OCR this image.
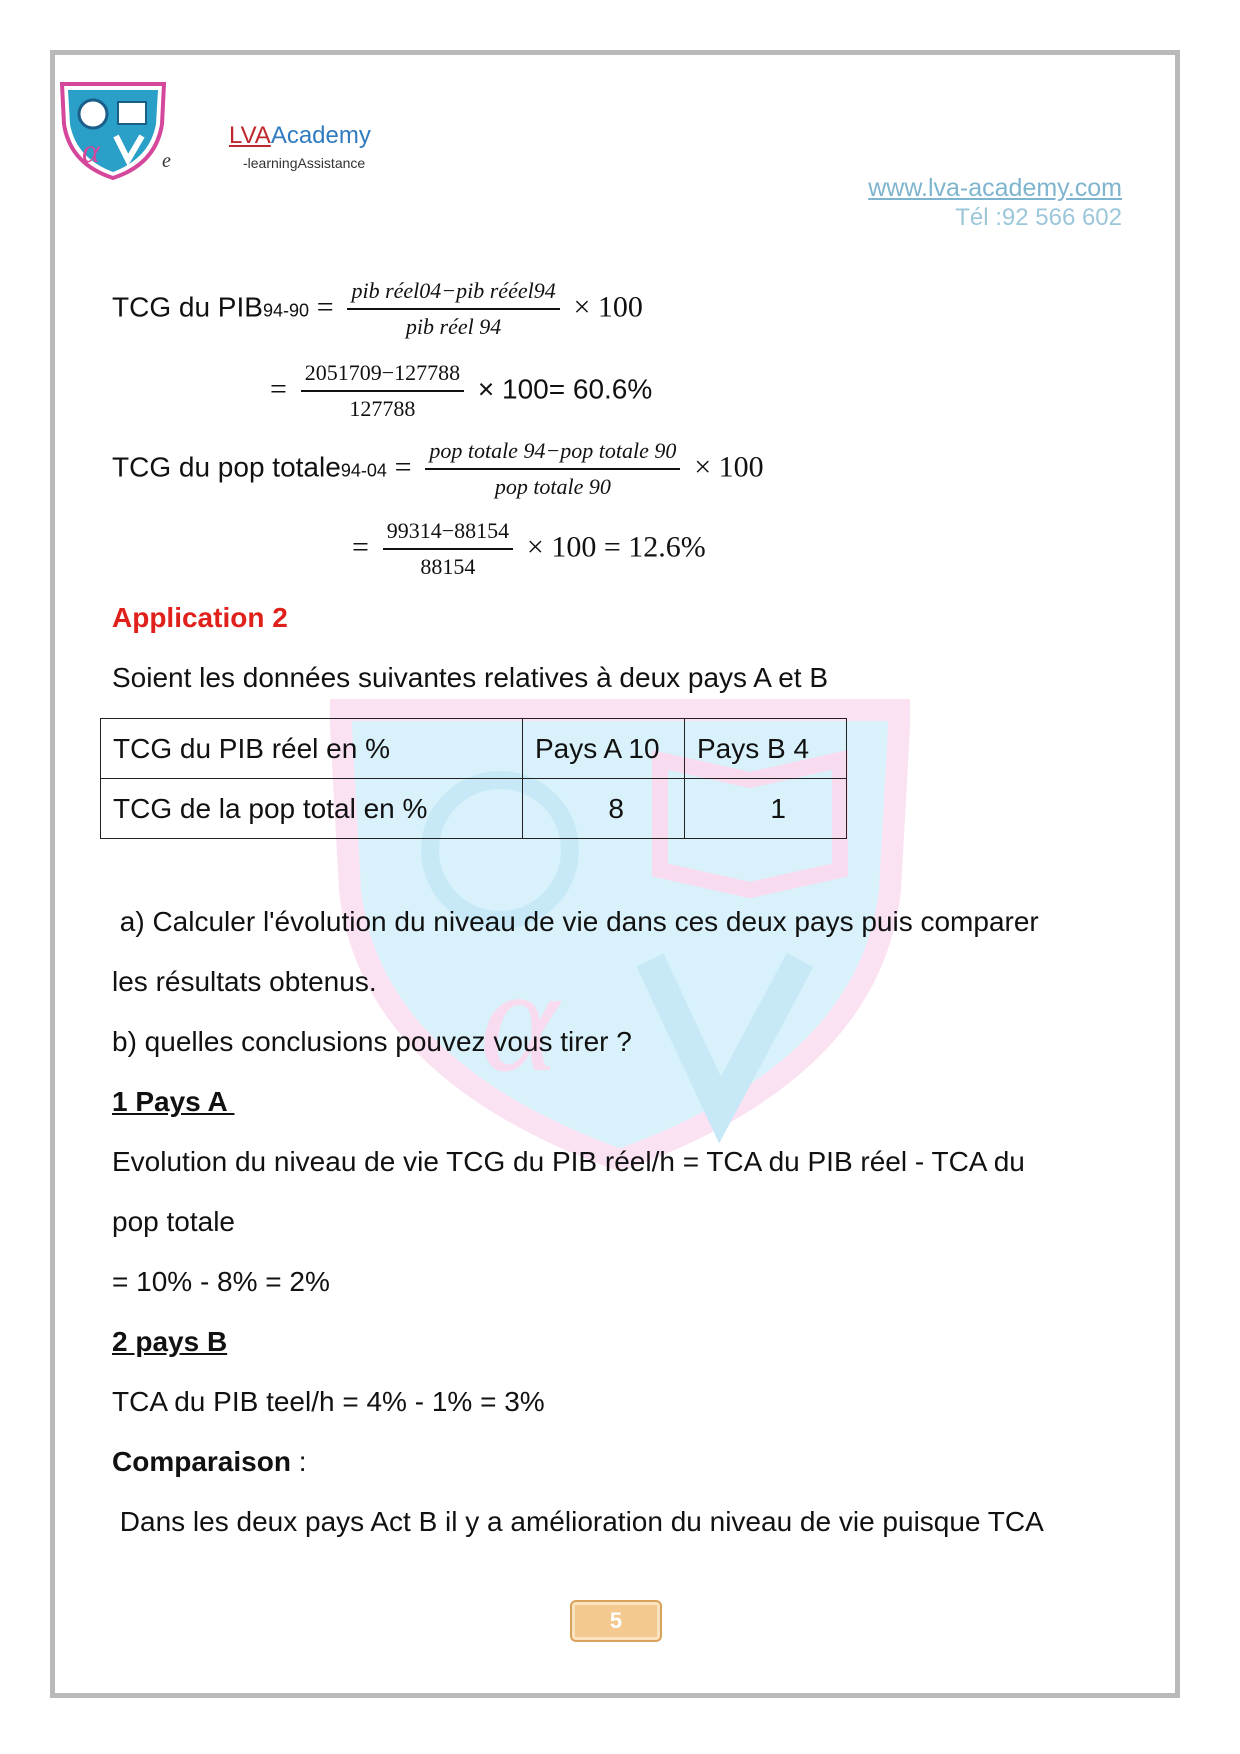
α
α	LVAAcademy
e	-learningAssistance
www.lva-academy.com
Tél :92 566 602
TCG du $PIB94-90 = \frac{\text{pib réel04−pib rééel94}}{\text{pib réel 94}} \times 100$
= $\frac{2051709-127788}{127788} \times 100= 60.6\%$
TCG du pop totale94-04 = $\frac{\text{pop totale 94−pop totale 90}}{\text{pop totale 90}} \times 100$
= $\frac{99314-88154}{88154} \times 100 = 12.6\%$
Application 2
Soient les données suivantes relatives à deux pays A et B
TCG du PIB réel en %	Pays A 10	Pays B 4
TCG de la pop total en %	8	1
a) Calculer l'évolution du niveau de vie dans ces deux pays puis comparer
les résultats obtenus.
b) quelles conclusions pouvez vous tirer ?
1 Pays A
Evolution du niveau de vie TCG du PIB réel/h = TCA du PIB réel - TCA du
pop totale
= 10% - 8% = 2%
2 pays B
TCA du PIB teel/h = 4% - 1% = 3%
Comparaison :
Dans les deux pays Act B il y a amélioration du niveau de vie puisque TCA
5
